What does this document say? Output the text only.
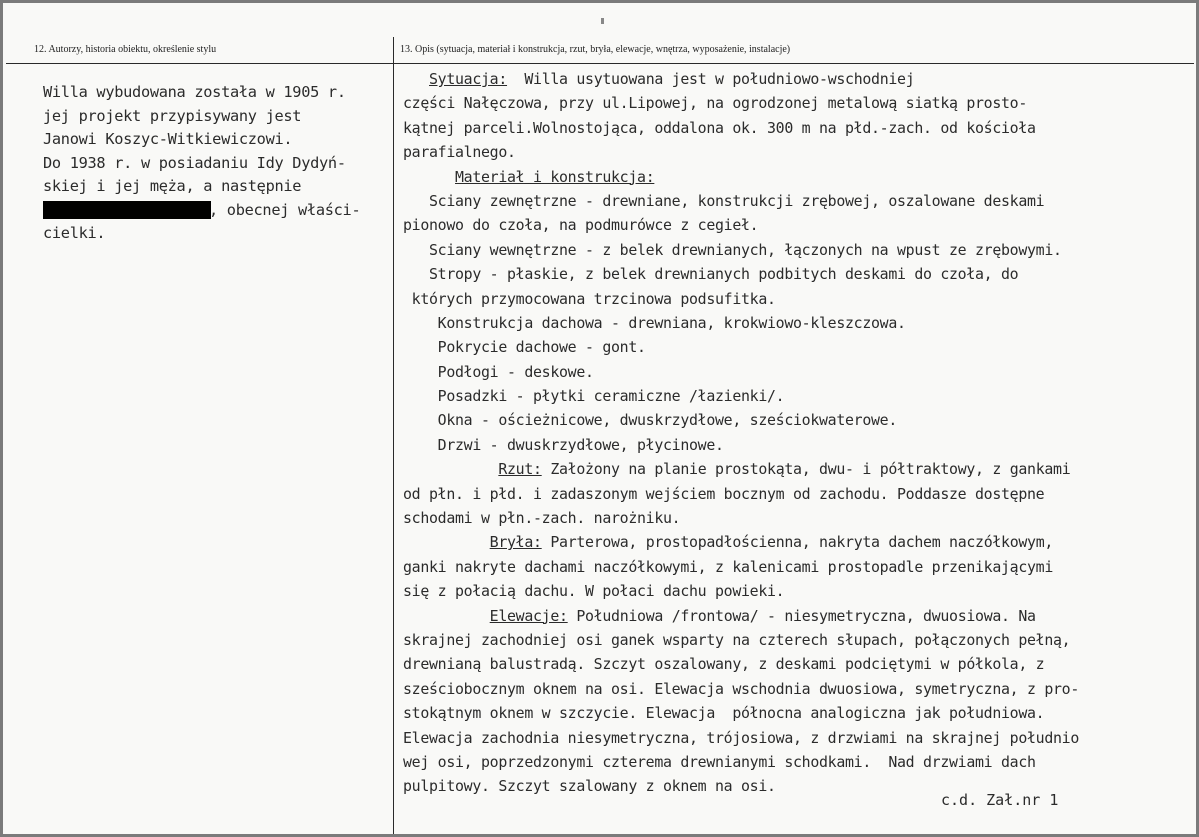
12. Autorzy, historia obiektu, określenie stylu	13. Opis (sytuacja, materiał i konstrukcja, rzut, bryła, elewacje, wnętrza, wyposażenie, instalacje)
Willa wybudowana została w 1905 r.
jej projekt przypisywany jest
Janowi Koszyc-Witkiewiczowi.
Do 1938 r. w posiadaniu Idy Dydyń-
skiej i jej męża, a następnie
, obecnej właści-
cielki.
Sytuacja:  Willa usytuowana jest w południowo-wschodniej
części Nałęczowa, przy ul.Lipowej, na ogrodzonej metalową siatką prosto-
kątnej parceli.Wolnostojąca, oddalona ok. 300 m na płd.-zach. od kościoła
parafialnego.
Materiał i konstrukcja:
Sciany zewnętrzne - drewniane, konstrukcji zrębowej, oszalowane deskami
pionowo do czoła, na podmurówce z cegieł.
Sciany wewnętrzne - z belek drewnianych, łączonych na wpust ze zrębowymi.
Stropy - płaskie, z belek drewnianych podbitych deskami do czoła, do
których przymocowana trzcinowa podsufitka.
Konstrukcja dachowa - drewniana, krokwiowo-kleszczowa.
Pokrycie dachowe - gont.
Podłogi - deskowe.
Posadzki - płytki ceramiczne /łazienki/.
Okna - ościeżnicowe, dwuskrzydłowe, sześciokwaterowe.
Drzwi - dwuskrzydłowe, płycinowe.
Rzut: Założony na planie prostokąta, dwu- i półtraktowy, z gankami
od płn. i płd. i zadaszonym wejściem bocznym od zachodu. Poddasze dostępne
schodami w płn.-zach. narożniku.
Bryła: Parterowa, prostopadłościenna, nakryta dachem naczółkowym,
ganki nakryte dachami naczółkowymi, z kalenicami prostopadle przenikającymi
się z połacią dachu. W połaci dachu powieki.
Elewacje: Południowa /frontowa/ - niesymetryczna, dwuosiowa. Na
skrajnej zachodniej osi ganek wsparty na czterech słupach, połączonych pełną,
drewnianą balustradą. Szczyt oszalowany, z deskami podciętymi w półkola, z
sześciobocznym oknem na osi. Elewacja wschodnia dwuosiowa, symetryczna, z pro-
stokątnym oknem w szczycie. Elewacja  północna analogiczna jak południowa.
Elewacja zachodnia niesymetryczna, trójosiowa, z drzwiami na skrajnej południo
wej osi, poprzedzonymi czterema drewnianymi schodkami.  Nad drzwiami dach
pulpitowy. Szczyt szalowany z oknem na osi.
c.d. Zał.nr 1
